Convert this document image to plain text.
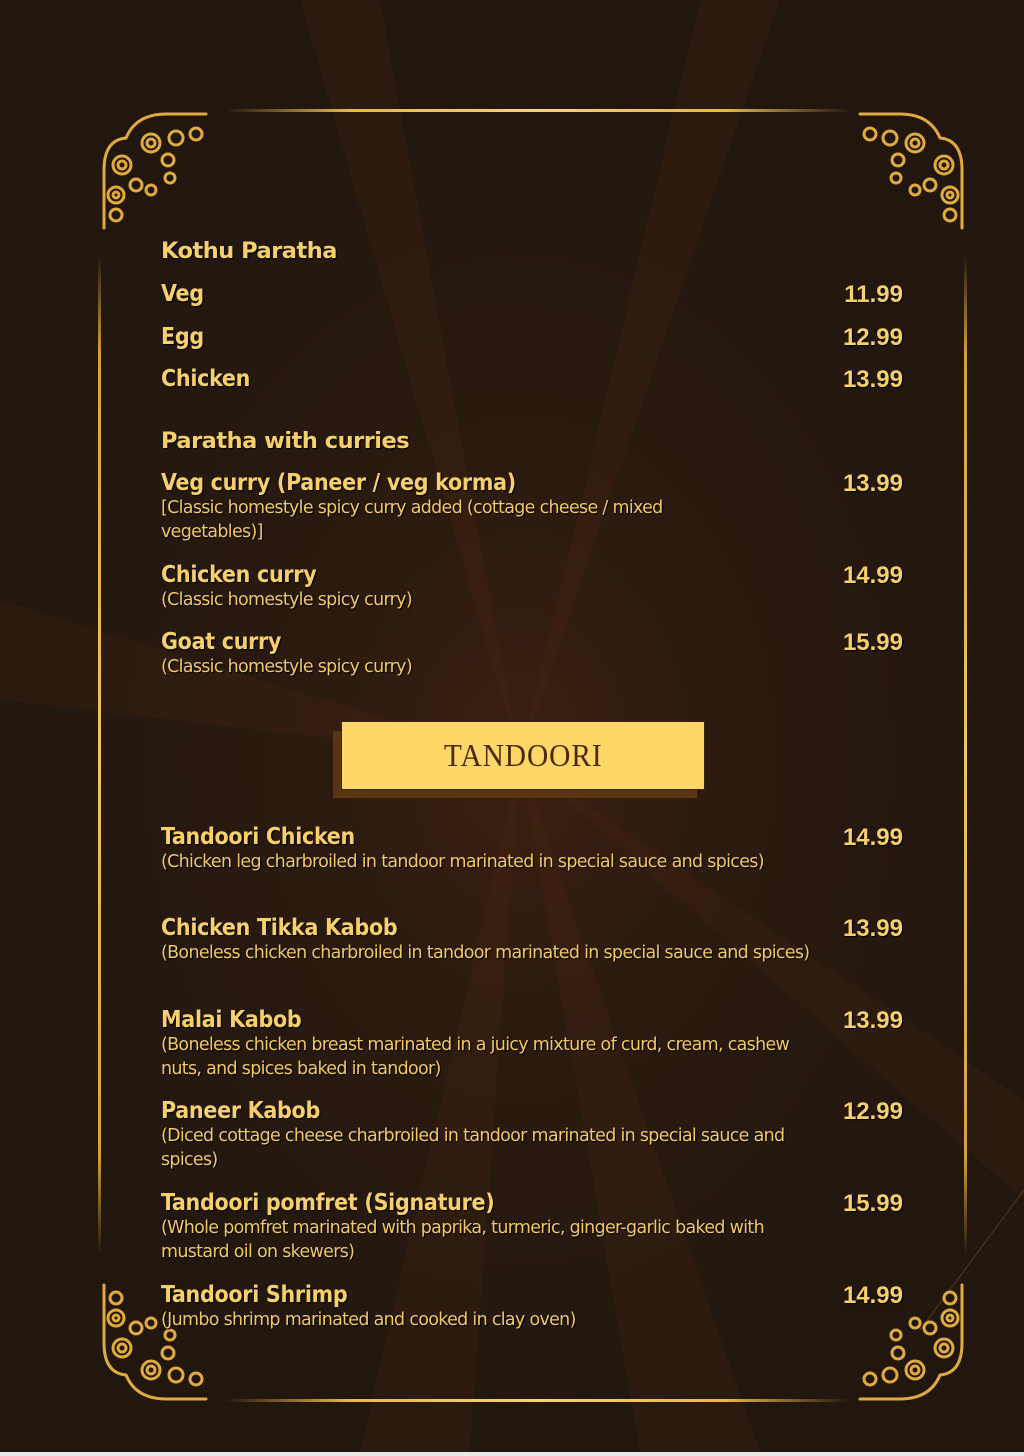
Kothu Paratha
Veg	11.99
Egg	12.99
Chicken	13.99
Paratha with curries
Veg curry (Paneer / veg korma)	13.99
[Classic homestyle spicy curry added (cottage cheese / mixed vegetables)]
Chicken curry	14.99
(Classic homestyle spicy curry)
Goat curry	15.99
(Classic homestyle spicy curry)
Tandoori Chicken	14.99
(Chicken leg charbroiled in tandoor marinated in special sauce and spices)
Chicken Tikka Kabob	13.99
(Boneless chicken charbroiled in tandoor marinated in special sauce and spices)
Malai Kabob	13.99
(Boneless chicken breast marinated in a juicy mixture of curd, cream, cashew nuts, and spices baked in tandoor)
Paneer Kabob	12.99
(Diced cottage cheese charbroiled in tandoor marinated in special sauce and spices)
Tandoori pomfret (Signature)	15.99
(Whole pomfret marinated with paprika, turmeric, ginger-garlic baked with mustard oil on skewers)
Tandoori Shrimp	14.99
(Jumbo shrimp marinated and cooked in clay oven)
TANDOORI
